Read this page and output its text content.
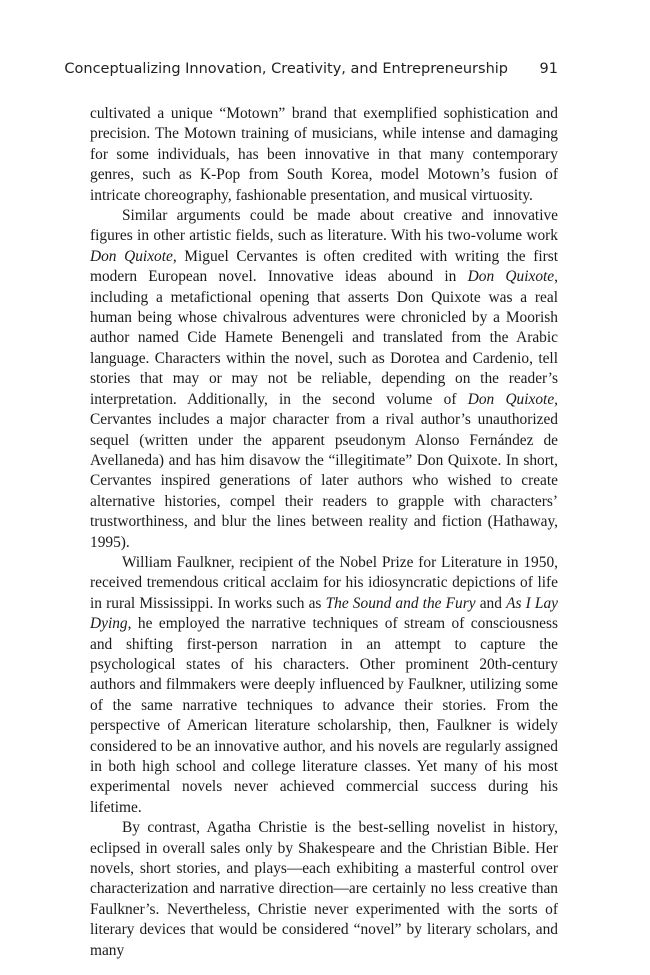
Conceptualizing Innovation, Creativity, and Entrepreneurship 91

cultivated a unique “Motown” brand that exemplified sophistication and precision. The Motown training of musicians, while intense and damaging for some individuals, has been innovative in that many contemporary genres, such as K-Pop from South Korea, model Motown’s fusion of intricate choreography, fashionable presentation, and musical virtuosity.

Similar arguments could be made about creative and innovative figures in other artistic fields, such as literature. With his two-volume work Don Quixote, Miguel Cervantes is often credited with writing the first modern European novel. Innovative ideas abound in Don Quixote, including a metafictional opening that asserts Don Quixote was a real human being whose chivalrous adventures were chronicled by a Moorish author named Cide Hamete Benengeli and translated from the Arabic language. Characters within the novel, such as Dorotea and Cardenio, tell stories that may or may not be reliable, depending on the reader’s interpretation. Additionally, in the second volume of Don Quixote, Cervantes includes a major character from a rival author’s unauthorized sequel (written under the apparent pseudonym Alonso Fernández de Avellaneda) and has him disavow the “illegitimate” Don Quixote. In short, Cervantes inspired generations of later authors who wished to create alternative histories, compel their readers to grapple with characters’ trustworthiness, and blur the lines between reality and fiction (Hathaway, 1995).

William Faulkner, recipient of the Nobel Prize for Literature in 1950, received tremendous critical acclaim for his idiosyncratic depictions of life in rural Mississippi. In works such as The Sound and the Fury and As I Lay Dying, he employed the narrative techniques of stream of consciousness and shifting first-person narration in an attempt to capture the psychological states of his characters. Other prominent 20th-century authors and filmmakers were deeply influenced by Faulkner, utilizing some of the same narrative techniques to advance their stories. From the perspective of American literature scholarship, then, Faulkner is widely considered to be an innovative author, and his novels are regularly assigned in both high school and college literature classes. Yet many of his most experimental novels never achieved commercial success during his lifetime.

By contrast, Agatha Christie is the best-selling novelist in history, eclipsed in overall sales only by Shakespeare and the Christian Bible. Her novels, short stories, and plays—each exhibiting a masterful control over characterization and narrative direction—are certainly no less creative than Faulkner’s. Nevertheless, Christie never experimented with the sorts of literary devices that would be considered “novel” by literary scholars, and many
